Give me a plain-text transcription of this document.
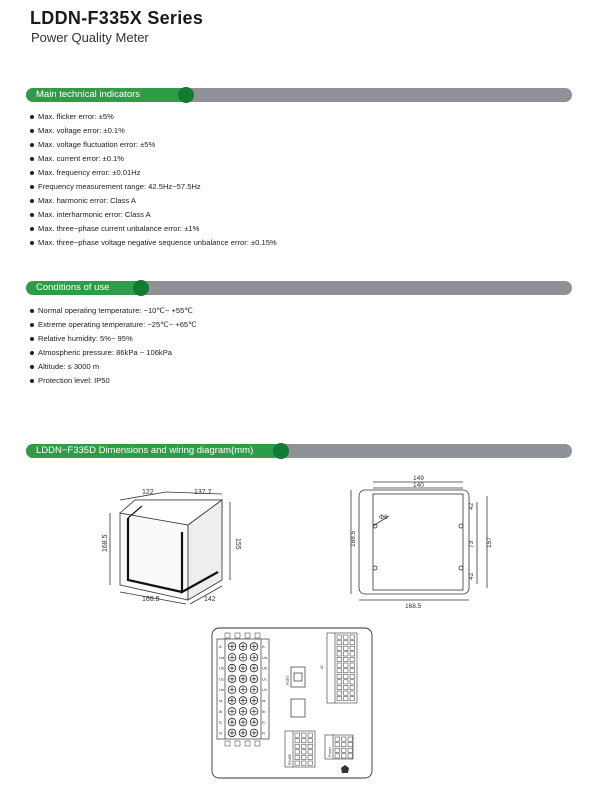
LDDN-F335X Series
Power Quality Meter
Main technical indicators
Max. flicker error: ±5%
Max. voltage error: ±0.1%
Max. voltage fluctuation error: ±5%
Max. current error: ±0.1%
Max. frequency error: ±0.01Hz
Frequency measurement range: 42.5Hz~57.5Hz
Max. harmonic error: Class A
Max. interharmonic error: Class A
Max. three−phase current unbalance error: ±1%
Max. three−phase voltage negative sequence unbalance error: ±0.15%
Conditions of use
Normal operating temperature: −10℃~ +55℃
Extreme operating temperature: −25℃~ +65℃
Relative humidity: 5%~ 95%
Atmospheric pressure: 86kPa ~ 106kPa
Altitude: ≤ 3000 m
Protection level: IP50
LDDN−F335D Dimensions and wiring diagram(mm)
122	137.7
168.5	155
168.5	142
149
140
Φ6
168.5
168.5
42
73
42
157
A	A
Ua	Ua
Ub	Ub
Uc	Uc
Un	Un
Ia	Ia
Ib	Ib
Ic	Ic
N	N
PORT
IO
RS485
Power
